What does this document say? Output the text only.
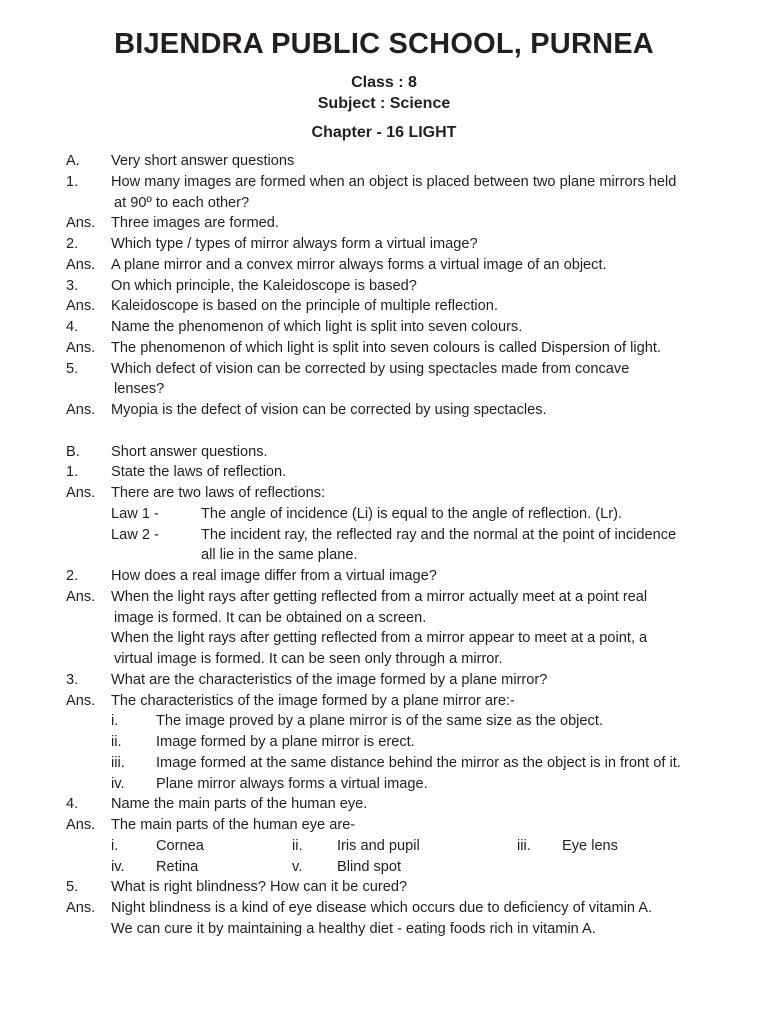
BIJENDRA PUBLIC SCHOOL, PURNEA
Class : 8
Subject : Science
Chapter - 16 LIGHT
A. Very short answer questions
1. How many images are formed when an object is placed between two plane mirrors held
at 90º to each other?
Ans. Three images are formed.
2. Which type / types of mirror always form a virtual image?
Ans. A plane mirror and a convex mirror always forms a virtual image of an object.
3. On which principle, the Kaleidoscope is based?
Ans. Kaleidoscope is based on the principle of multiple reflection.
4. Name the phenomenon of which light is split into seven colours.
Ans. The phenomenon of which light is split into seven colours is called Dispersion of light.
5. Which defect of vision can be corrected by using spectacles made from concave
lenses?
Ans. Myopia is the defect of vision can be corrected by using spectacles.
B. Short answer questions.
1. State the laws of reflection.
Ans. There are two laws of reflections:
Law 1 -	The angle of incidence (Li) is equal to the angle of reflection. (Lr).
Law 2 -	The incident ray, the reflected ray and the normal at the point of incidence
all lie in the same plane.
2. How does a real image differ from a virtual image?
Ans. When the light rays after getting reflected from a mirror actually meet at a point real
image is formed. It can be obtained on a screen.
When the light rays after getting reflected from a mirror appear to meet at a point, a
virtual image is formed. It can be seen only through a mirror.
3. What are the characteristics of the image formed by a plane mirror?
Ans. The characteristics of the image formed by a plane mirror are:-
i.	The image proved by a plane mirror is of the same size as the object.
ii. Image formed by a plane mirror is erect.
iii. Image formed at the same distance behind the mirror as the object is in front of it.
iv. Plane mirror always forms a virtual image.
4. Name the main parts of the human eye.
Ans. The main parts of the human eye are-
i.	Cornea	ii. Iris and pupil	iii. Eye lens
iv. Retina	v. Blind spot
5. What is right blindness? How can it be cured?
Ans. Night blindness is a kind of eye disease which occurs due to deficiency of vitamin A.
We can cure it by maintaining a healthy diet - eating foods rich in vitamin A.
